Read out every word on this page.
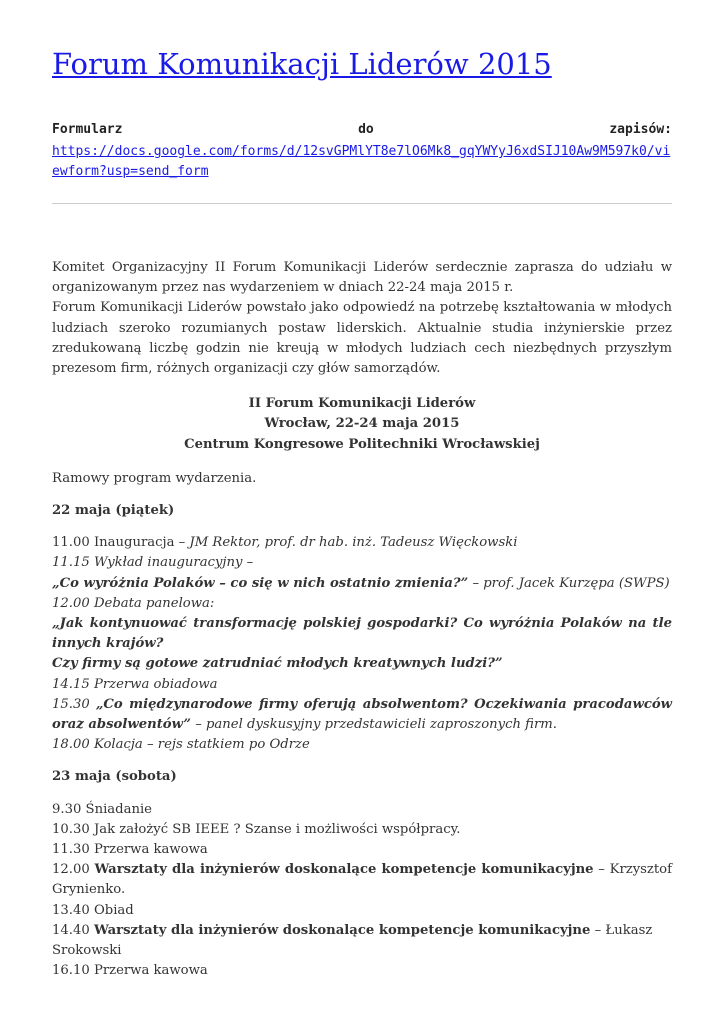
Forum Komunikacji Liderów 2015
Formularz	do	zapisów:
https://docs.google.com/forms/d/12svGPMlYT8e7lO6Mk8_gqYWYyJ6xdSIJ10Aw9M597k0/viewform?usp=send_form

Komitet Organizacyjny II Forum Komunikacji Liderów serdecznie zaprasza do udziału w organizowanym przez nas wydarzeniem w dniach 22-24 maja 2015 r.

Forum Komunikacji Liderów powstało jako odpowiedź na potrzebę kształtowania w młodych ludziach szeroko rozumianych postaw liderskich. Aktualnie studia inżynierskie przez zredukowaną liczbę godzin nie kreują w młodych ludziach cech niezbędnych przyszłym prezesom firm, różnych organizacji czy głów samorządów.

II Forum Komunikacji Liderów

Wrocław, 22-24 maja 2015

Centrum Kongresowe Politechniki Wrocławskiej

Ramowy program wydarzenia.

22 maja (piątek)

11.00 Inauguracja – JM Rektor, prof. dr hab. inż. Tadeusz Więckowski

11.15 Wykład inauguracyjny –

„Co wyróżnia Polaków – co się w nich ostatnio zmienia?” – prof. Jacek Kurzępa (SWPS)

12.00 Debata panelowa:

„Jak kontynuować transformację polskiej gospodarki? Co wyróżnia Polaków na tle innych krajów?

Czy firmy są gotowe zatrudniać młodych kreatywnych ludzi?”

14.15 Przerwa obiadowa

15.30 „Co międzynarodowe firmy oferują absolwentom? Oczekiwania pracodawców oraz absolwentów” – panel dyskusyjny przedstawicieli zaproszonych firm.

18.00 Kolacja – rejs statkiem po Odrze

23 maja (sobota)

9.30 Śniadanie

10.30 Jak założyć SB IEEE ? Szanse i możliwości współpracy.

11.30 Przerwa kawowa

12.00 Warsztaty dla inżynierów doskonalące kompetencje komunikacyjne – Krzysztof Grynienko.

13.40 Obiad

14.40 Warsztaty dla inżynierów doskonalące kompetencje komunikacyjne – Łukasz Srokowski

16.10 Przerwa kawowa
